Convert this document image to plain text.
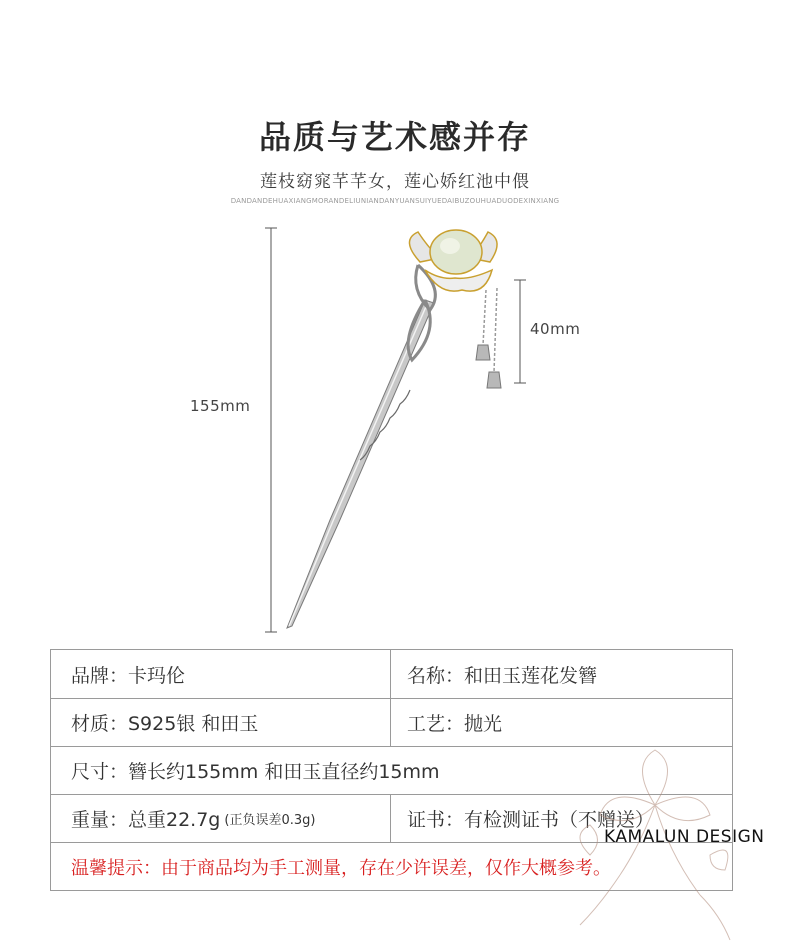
品质与艺术感并存
莲枝窈窕芊芊女，莲心娇红池中偎
DANDANDEHUAXIANGMORANDELIUNIANDANYUANSUIYUEDAIBUZOUHUADUODEXINXIANG
155mm
40mm
品牌：卡玛伦	名称：和田玉莲花发簪
材质：S925银 和田玉	工艺：抛光
尺寸：簪长约155mm 和田玉直径约15mm
重量：总重22.7g (正负误差0.3g)	证书：有检测证书（不赠送）
温馨提示：由于商品均为手工测量，存在少许误差，仅作大概参考。
KAMALUN DESIGN
